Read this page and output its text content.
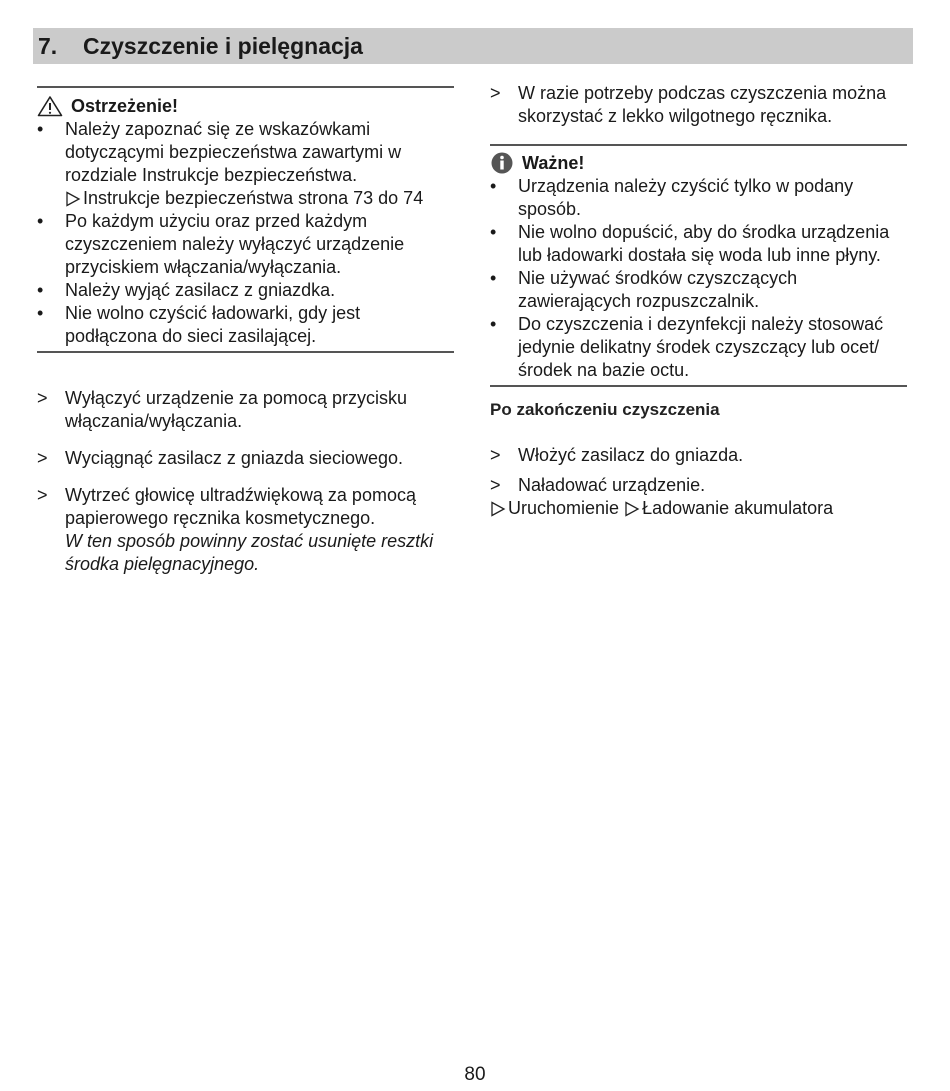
7.	Czyszczenie i pielęgnacja
Ostrzeżenie!
•	Należy zapoznać się ze wskazówkami dotyczącymi bezpieczeństwa zawartymi w rozdziale Instrukcje bezpieczeństwa.
Instrukcje bezpieczeństwa strona 73 do 74
•	Po każdym użyciu oraz przed każdym czyszczeniem należy wyłączyć urządzenie przyciskiem włączania/wyłączania.
•	Należy wyjąć zasilacz z gniazdka.
•	Nie wolno czyścić ładowarki, gdy jest podłączona do sieci zasilającej.
> Wyłączyć urządzenie za pomocą przycisku włączania/wyłączania.
> Wyciągnąć zasilacz z gniazda sieciowego.
> Wytrzeć głowicę ultradźwiękową za pomocą papierowego ręcznika kosmetycznego.
W ten sposób powinny zostać usunięte resztki środka pielęgnacyjnego.
> W razie potrzeby podczas czyszczenia można skorzystać z lekko wilgotnego ręcznika.
Ważne!
•	Urządzenia należy czyścić tylko w podany sposób.
•	Nie wolno dopuścić, aby do środka urządzenia lub ładowarki dostała się woda lub inne płyny.
•	Nie używać środków czyszczących zawierających rozpuszczalnik.
•	Do czyszczenia i dezynfekcji należy stosować jedynie delikatny środek czyszczący lub ocet/ środek na bazie octu.
Po zakończeniu czyszczenia
> Włożyć zasilacz do gniazda.
> Naładować urządzenie.
Uruchomienie Ładowanie akumulatora
80
